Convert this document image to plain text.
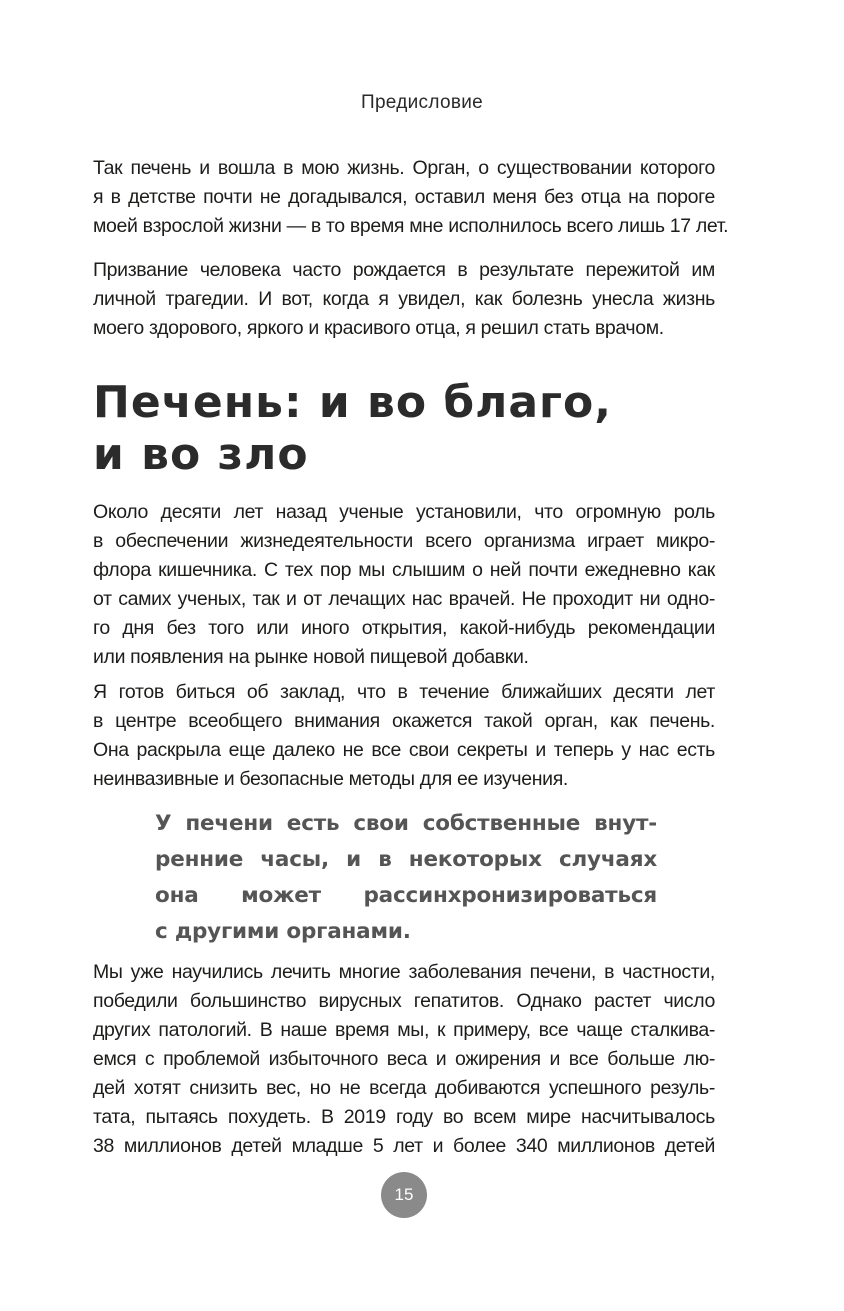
Предисловие

Так печень и вошла в мою жизнь. Орган, о существовании которого
я в детстве почти не догадывался, оставил меня без отца на пороге
моей взрослой жизни — в то время мне исполнилось всего лишь 17 лет.

Призвание человека часто рождается в результате пережитой им
личной трагедии. И вот, когда я увидел, как болезнь унесла жизнь
моего здорового, яркого и красивого отца, я решил стать врачом.

Печень: и во благо,
и во зло

Около десяти лет назад ученые установили, что огромную роль
в обеспечении жизнедеятельности всего организма играет микро-
флора кишечника. С тех пор мы слышим о ней почти ежедневно как
от самих ученых, так и от лечащих нас врачей. Не проходит ни одно-
го дня без того или иного открытия, какой-нибудь рекомендации
или появления на рынке новой пищевой добавки.

Я готов биться об заклад, что в течение ближайших десяти лет
в центре всеобщего внимания окажется такой орган, как печень.
Она раскрыла еще далеко не все свои секреты и теперь у нас есть
неинвазивные и безопасные методы для ее изучения.

У печени есть свои собственные внут-
ренние часы, и в некоторых случаях
она может рассинхронизироваться
с другими органами.

Мы уже научились лечить многие заболевания печени, в частности,
победили большинство вирусных гепатитов. Однако растет число
других патологий. В наше время мы, к примеру, все чаще сталкива-
емся с проблемой избыточного веса и ожирения и все больше лю-
дей хотят снизить вес, но не всегда добиваются успешного резуль-
тата, пытаясь похудеть. В 2019 году во всем мире насчитывалось
38 миллионов детей младше 5 лет и более 340 миллионов детей

15
